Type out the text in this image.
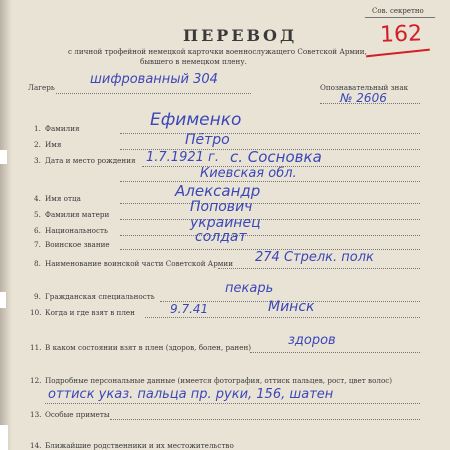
Сов. секретно
162
ПЕРЕВОД
с личной трофейной немецкой карточки военнослужащего Советской Армии,
бывшего в немецком плену.
Лагерь
шифрованный 304
Опознавательный знак
№ 2606
1. Фамилия	Ефименко
2. Имя	Пётро
3. Дата и место рождения 1.7.1921 г. с. Сосновка
Киевская обл.
4. Имя отца	Александр
5. Фамилия матери	Попович
6. Национальность	украинец
7. Воинское звание	солдат
8. Наименование воинской части Советской Армии 274 Стрелк. полк
9. Гражданская специальность
пекарь
10. Когда и где взят в плен	9.7.41	Минск
11. В каком состоянии взят в плен (здоров, болен, ранен)	здоров
12. Подробные персональные данные (имеется фотография, оттиск пальцев, рост, цвет волос)
оттиск указ. пальца пр. руки, 156, шатен
13. Особые приметы
14. Ближайшие родственники и их местожительство
